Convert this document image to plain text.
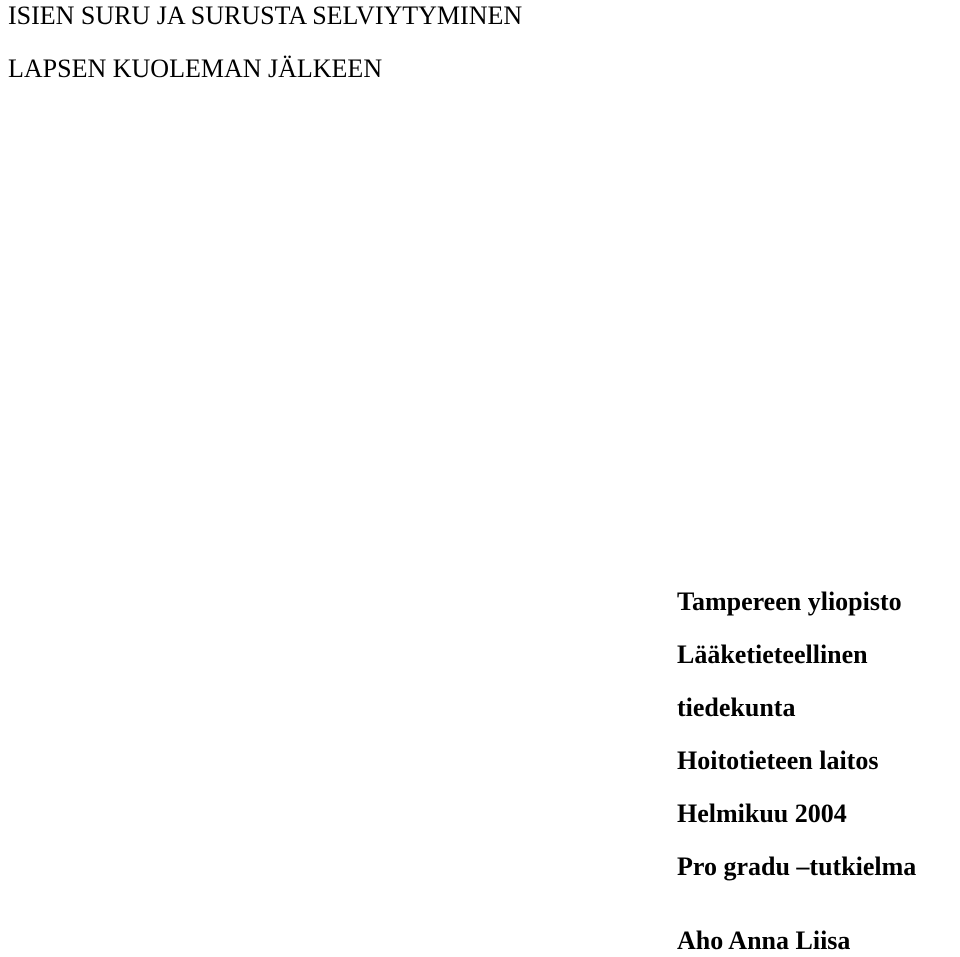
ISIEN SURU JA SURUSTA SELVIYTYMINEN
LAPSEN KUOLEMAN JÄLKEEN
Tampereen yliopisto
Lääketieteellinen
tiedekunta
Hoitotieteen laitos
Helmikuu 2004
Pro gradu –tutkielma
Aho Anna Liisa
